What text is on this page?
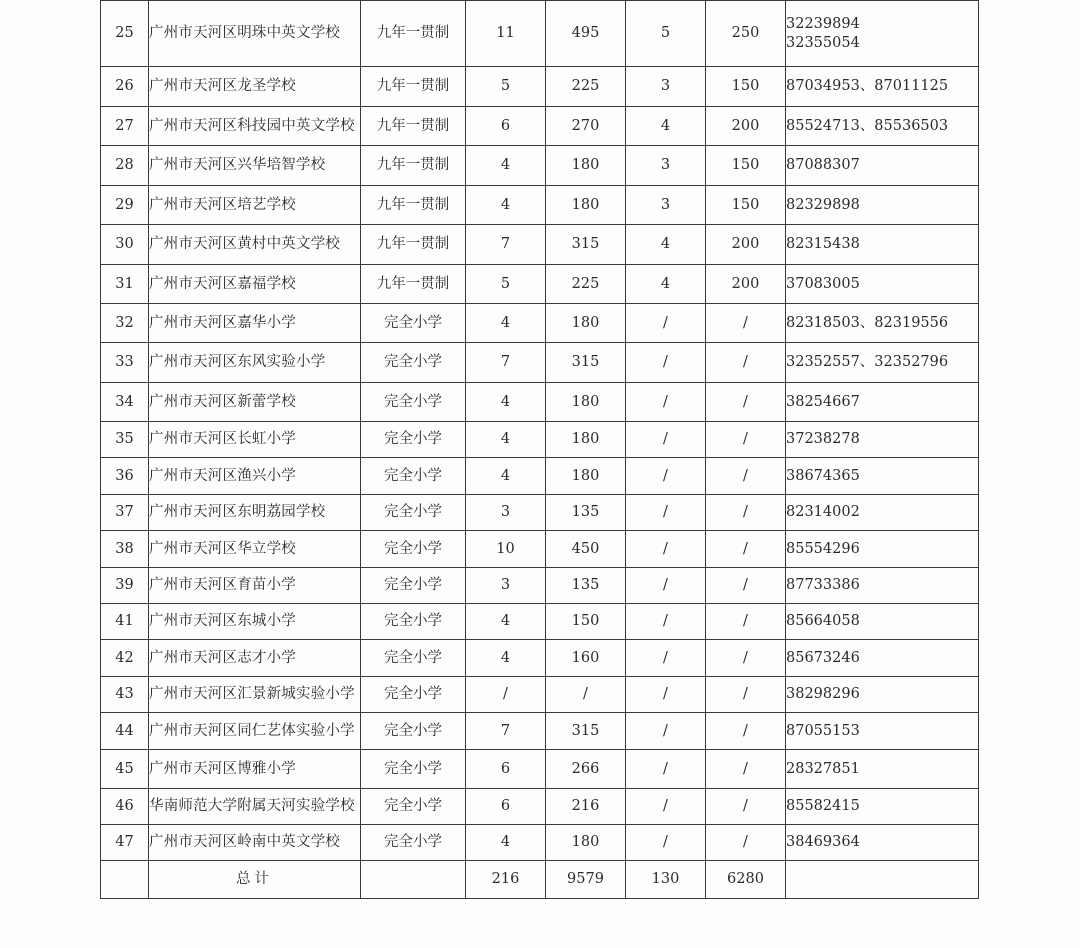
25	广州市天河区明珠中英文学校	九年一贯制	11	495	5	250	32239894
32355054

26	广州市天河区龙圣学校	九年一贯制	5	225	3	150	87034953、87011125

27	广州市天河区科技园中英文学校	九年一贯制	6	270	4	200	85524713、85536503

28	广州市天河区兴华培智学校	九年一贯制	4	180	3	150	87088307

29	广州市天河区培艺学校	九年一贯制	4	180	3	150	82329898

30	广州市天河区黄村中英文学校	九年一贯制	7	315	4	200	82315438

31	广州市天河区嘉福学校	九年一贯制	5	225	4	200	37083005

32	广州市天河区嘉华小学	完全小学	4	180	/	/	82318503、82319556

33	广州市天河区东风实验小学	完全小学	7	315	/	/	32352557、32352796

34	广州市天河区新蕾学校	完全小学	4	180	/	/	38254667

35	广州市天河区长虹小学	完全小学	4	180	/	/	37238278

36	广州市天河区渔兴小学	完全小学	4	180	/	/	38674365

37	广州市天河区东明荔园学校	完全小学	3	135	/	/	82314002

38	广州市天河区华立学校	完全小学	10	450	/	/	85554296

39	广州市天河区育苗小学	完全小学	3	135	/	/	87733386

41	广州市天河区东城小学	完全小学	4	150	/	/	85664058

42	广州市天河区志才小学	完全小学	4	160	/	/	85673246

43	广州市天河区汇景新城实验小学	完全小学	/	/	/	/	38298296

44	广州市天河区同仁艺体实验小学	完全小学	7	315	/	/	87055153

45	广州市天河区博雅小学	完全小学	6	266	/	/	28327851

46	华南师范大学附属天河实验学校	完全小学	6	216	/	/	85582415

47	广州市天河区岭南中英文学校	完全小学	4	180	/	/	38469364

	总计		216	9579	130	6280	
